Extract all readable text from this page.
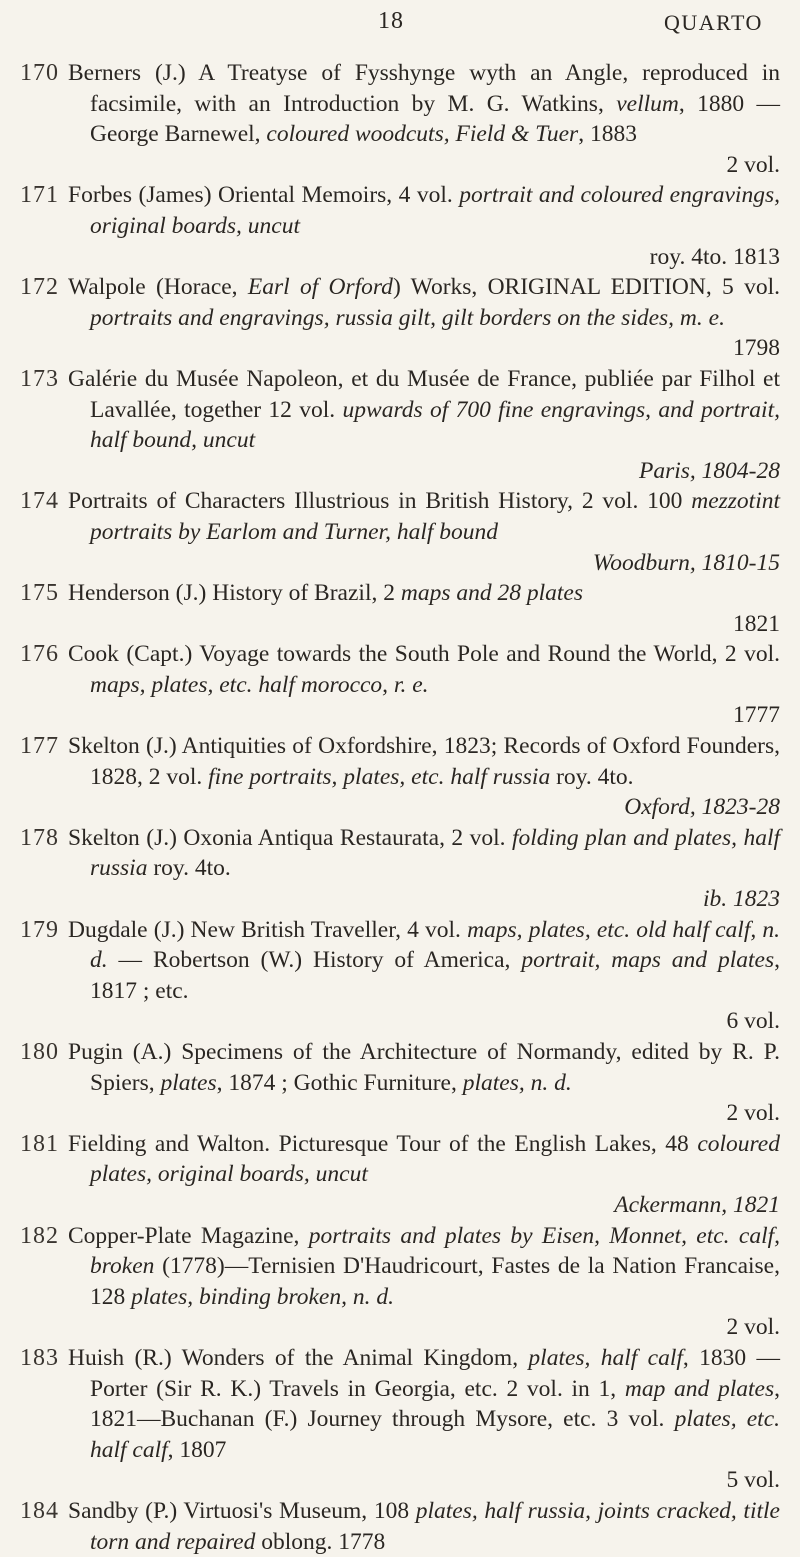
18	QUARTO
170 Berners (J.) A Treatyse of Fysshynge wyth an Angle, reproduced in facsimile, with an Introduction by M. G. Watkins, vellum, 1880 — George Barnewel, coloured woodcuts, Field & Tuer, 1883
2 vol.
171 Forbes (James) Oriental Memoirs, 4 vol. portrait and coloured engravings, original boards, uncut
roy. 4to. 1813
172 Walpole (Horace, Earl of Orford) Works, ORIGINAL EDITION, 5 vol. portraits and engravings, russia gilt, gilt borders on the sides, m. e.
1798
173 Galérie du Musée Napoleon, et du Musée de France, publiée par Filhol et Lavallée, together 12 vol. upwards of 700 fine engravings, and portrait, half bound, uncut
Paris, 1804-28
174 Portraits of Characters Illustrious in British History, 2 vol. 100 mezzotint portraits by Earlom and Turner, half bound
Woodburn, 1810-15
175 Henderson (J.) History of Brazil, 2 maps and 28 plates
1821
176 Cook (Capt.) Voyage towards the South Pole and Round the World, 2 vol. maps, plates, etc. half morocco, r. e.
1777
177 Skelton (J.) Antiquities of Oxfordshire, 1823; Records of Oxford Founders, 1828, 2 vol. fine portraits, plates, etc. half russia roy. 4to.
Oxford, 1823-28
178 Skelton (J.) Oxonia Antiqua Restaurata, 2 vol. folding plan and plates, half russia roy. 4to.
ib. 1823
179 Dugdale (J.) New British Traveller, 4 vol. maps, plates, etc. old half calf, n. d. — Robertson (W.) History of America, portrait, maps and plates, 1817 ; etc.
6 vol.
180 Pugin (A.) Specimens of the Architecture of Normandy, edited by R. P. Spiers, plates, 1874 ; Gothic Furniture, plates, n. d.
2 vol.
181 Fielding and Walton. Picturesque Tour of the English Lakes, 48 coloured plates, original boards, uncut
Ackermann, 1821
182 Copper-Plate Magazine, portraits and plates by Eisen, Monnet, etc. calf, broken (1778)—Ternisien D'Haudricourt, Fastes de la Nation Francaise, 128 plates, binding broken, n. d.
2 vol.
183 Huish (R.) Wonders of the Animal Kingdom, plates, half calf, 1830 — Porter (Sir R. K.) Travels in Georgia, etc. 2 vol. in 1, map and plates, 1821—Buchanan (F.) Journey through Mysore, etc. 3 vol. plates, etc. half calf, 1807
5 vol.
184 Sandby (P.) Virtuosi's Museum, 108 plates, half russia, joints cracked, title torn and repaired oblong. 1778
